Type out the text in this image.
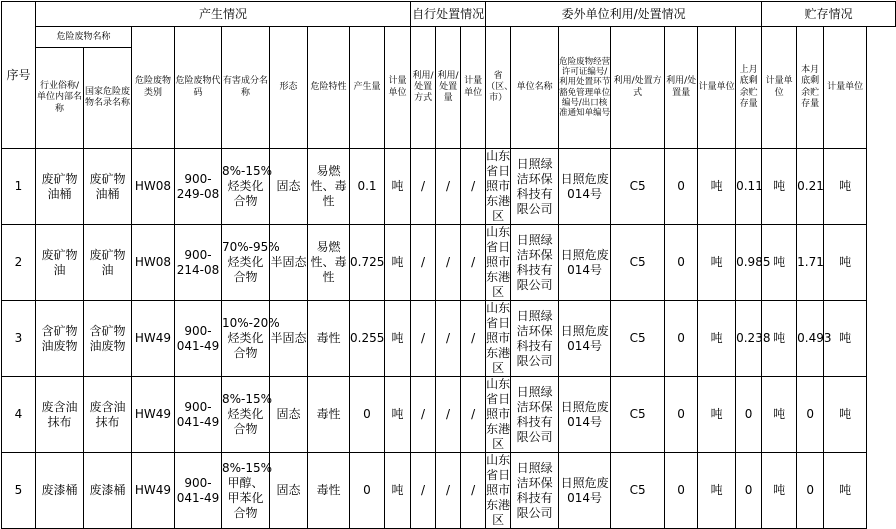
序号	产生情况									自行处置情况			委外单位利用/处置情况							贮存情况		
	危险废物名称		危险废物类别	危险废物代码	有害成分名称	形态	危险特性	产生量	计量单位	利用/处置方式	利用/处置量	计量单位	省（区、市）	单位名称	危险废物经营许可证编号/利用处置环节豁免管理单位编号/出口核准通知单编号	利用/处置方式	利用/处置量	计量单位	上月底剩余贮存量	计量单位	本月底剩余贮存量	计量单位
	行业俗称/单位内部名称	国家危险废物名录名称																				
1	废矿物油桶	废矿物油桶	HW08	900-249-08	8%-15%烃类化合物	固态	易燃性、毒性	0.1	吨	/	/	/	山东省日照市东港区	日照绿洁环保科技有限公司	日照危废014号	C5	0	吨	0.11	吨	0.21	吨
2	废矿物油	废矿物油	HW08	900-214-08	70%-95%烃类化合物	半固态	易燃性、毒性	0.725	吨	/	/	/	山东省日照市东港区	日照绿洁环保科技有限公司	日照危废014号	C5	0	吨	0.985	吨	1.71	吨
3	含矿物油废物	含矿物油废物	HW49	900-041-49	10%-20%烃类化合物	半固态	毒性	0.255	吨	/	/	/	山东省日照市东港区	日照绿洁环保科技有限公司	日照危废014号	C5	0	吨	0.238	吨	0.493	吨
4	废含油抹布	废含油抹布	HW49	900-041-49	8%-15%烃类化合物	固态	毒性	0	吨	/	/	/	山东省日照市东港区	日照绿洁环保科技有限公司	日照危废014号	C5	0	吨	0	吨	0	吨
5	废漆桶	废漆桶	HW49	900-041-49	8%-15%甲醇、甲苯化合物	固态	毒性	0	吨	/	/	/	山东省日照市东港区	日照绿洁环保科技有限公司	日照危废014号	C5	0	吨	0	吨	0	吨
